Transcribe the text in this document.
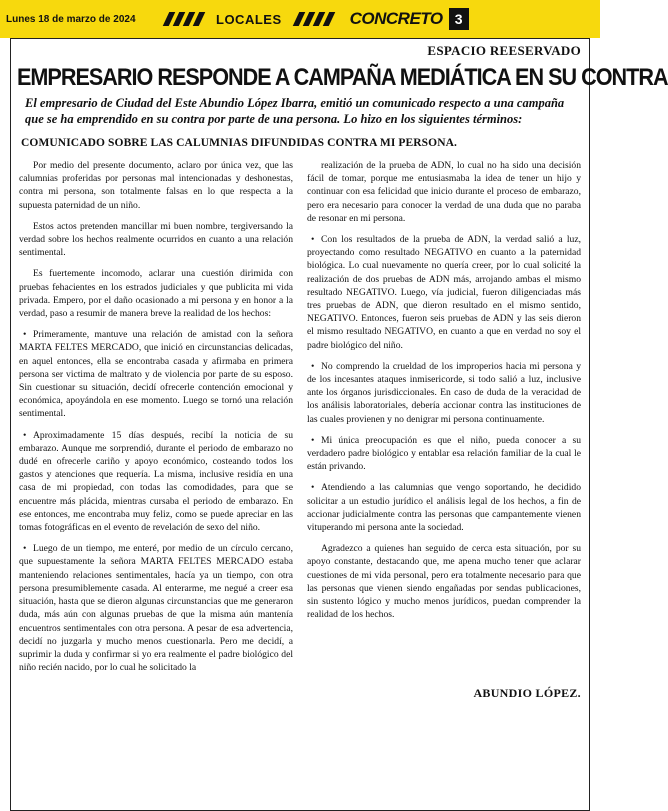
Lunes 18 de marzo de 2024	LOCALES	CONCRETO 3
ESPACIO REESERVADO
EMPRESARIO RESPONDE A CAMPAÑA MEDIÁTICA EN SU CONTRA
El empresario de Ciudad del Este Abundio López Ibarra, emitió un comunicado respecto a una campaña que se ha emprendido en su contra por parte de una persona. Lo hizo en los siguientes términos:
COMUNICADO SOBRE LAS CALUMNIAS DIFUNDIDAS CONTRA MI PERSONA.

Por medio del presente documento, aclaro por única vez, que las calumnias proferidas por personas mal intencionadas y deshonestas, contra mi persona, son totalmente falsas en lo que respecta a la supuesta paternidad de un niño.

Estos actos pretenden mancillar mi buen nombre, tergiversando la verdad sobre los hechos realmente ocurridos en cuanto a una relación sentimental.

Es fuertemente incomodo, aclarar una cuestión dirimida con pruebas fehacientes en los estrados judiciales y que publicita mi vida privada. Empero, por el daño ocasionado a mi persona y en honor a la verdad, paso a resumir de manera breve la realidad de los hechos:

• Primeramente, mantuve una relación de amistad con la señora MARTA FELTES MERCADO, que inició en circunstancias delicadas, en aquel entonces, ella se encontraba casada y afirmaba en primera persona ser victima de maltrato y de violencia por parte de su esposo. Sin cuestionar su situación, decidí ofrecerle contención emocional y económica, apoyándola en ese momento. Luego se tornó una relación sentimental.

• Aproximadamente 15 días después, recibí la noticia de su embarazo. Aunque me sorprendió, durante el periodo de embarazo no dudé en ofrecerle cariño y apoyo económico, costeando todos los gastos y atenciones que requería. La misma, inclusive residía en una casa de mi propiedad, con todas las comodidades, para que se encuentre más plácida, mientras cursaba el periodo de embarazo. En ese entonces, me encontraba muy feliz, como se puede apreciar en las tomas fotográficas en el evento de revelación de sexo del niño.

• Luego de un tiempo, me enteré, por medio de un círculo cercano, que supuestamente la señora MARTA FELTES MERCADO estaba manteniendo relaciones sentimentales, hacía ya un tiempo, con otra persona presumiblemente casada. Al enterarme, me negué a creer esa situación, hasta que se dieron algunas circunstancias que me generaron duda, más aún con algunas pruebas de que la misma aún mantenía encuentros sentimentales con otra persona. A pesar de esa advertencia, decidí no juzgarla y mucho menos cuestionarla. Pero me decidí, a suprimir la duda y confirmar si yo era realmente el padre biológico del niño recién nacido, por lo cual he solicitado la

realización de la prueba de ADN, lo cual no ha sido una decisión fácil de tomar, porque me entusiasmaba la idea de tener un hijo y continuar con esa felicidad que inicio durante el proceso de embarazo, pero era necesario para conocer la verdad de una duda que no paraba de resonar en mi persona.

• Con los resultados de la prueba de ADN, la verdad salió a luz, proyectando como resultado NEGATIVO en cuanto a la paternidad biológica. Lo cual nuevamente no quería creer, por lo cual solicité la realización de dos pruebas de ADN más, arrojando ambas el mismo resultado NEGATIVO. Luego, vía judicial, fueron diligenciadas más tres pruebas de ADN, que dieron resultado en el mismo sentido, NEGATIVO. Entonces, fueron seis pruebas de ADN y las seis dieron el mismo resultado NEGATIVO, en cuanto a que en verdad no soy el padre biológico del niño.

• No comprendo la crueldad de los improperios hacia mi persona y de los incesantes ataques inmisericorde, si todo salió a luz, inclusive ante los órganos jurisdiccionales. En caso de duda de la veracidad de los análisis laboratoriales, debería accionar contra las instituciones de las cuales provienen y no denigrar mi persona continuamente.

• Mi única preocupación es que el niño, pueda conocer a su verdadero padre biológico y entablar esa relación familiar de la cual le están privando.

• Atendiendo a las calumnias que vengo soportando, he decidido solicitar a un estudio jurídico el análisis legal de los hechos, a fin de accionar judicialmente contra las personas que campantemente vienen vituperando mi persona ante la sociedad.

Agradezco a quienes han seguido de cerca esta situación, por su apoyo constante, destacando que, me apena mucho tener que aclarar cuestiones de mi vida personal, pero era totalmente necesario para que las personas que vienen siendo engañadas por sendas publicaciones, sin sustento lógico y mucho menos jurídicos, puedan comprender la realidad de los hechos.

ABUNDIO LÓPEZ.
